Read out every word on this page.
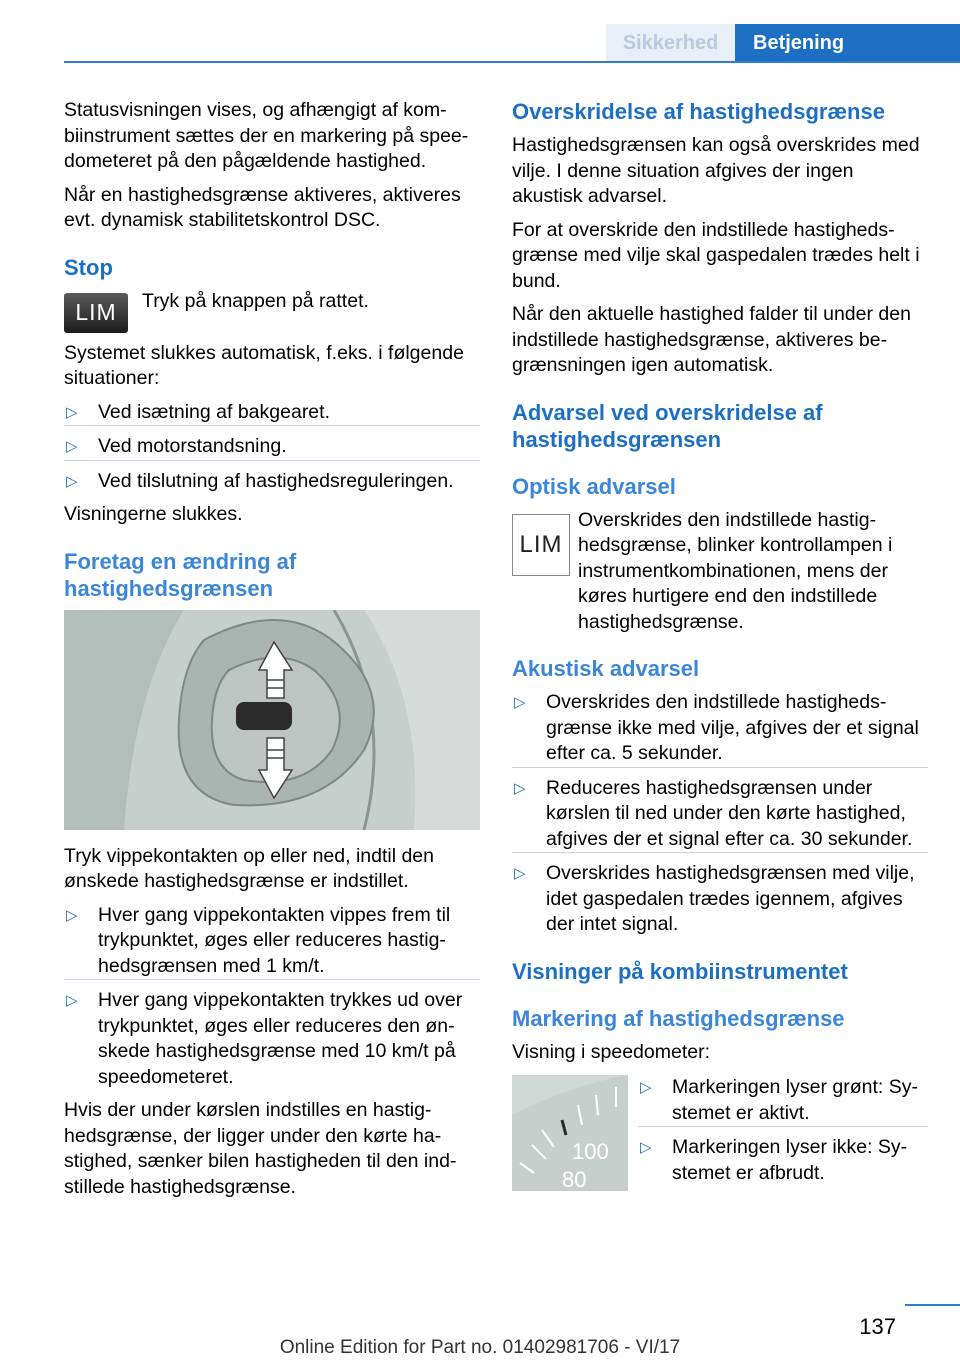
Sikkerhed Betjening

Statusvisningen vises, og afhængigt af kombiinstrument sættes der en markering på speedometeret på den pågældende hastighed.

Når en hastighedsgrænse aktiveres, aktiveres evt. dynamisk stabilitetskontrol DSC.

Stop
LIM	Tryk på knappen på rattet.

Systemet slukkes automatisk, f.eks. i følgende situationer:

▷ Ved isætning af bakgearet.
▷ Ved motorstandsning.
▷ Ved tilslutning af hastighedsreguleringen.

Visningerne slukkes.

Foretag en ændring af hastighedsgrænsen

Tryk vippekontakten op eller ned, indtil den ønskede hastighedsgrænse er indstillet.

▷ Hver gang vippekontakten vippes frem til trykpunktet, øges eller reduceres hastighedsgrænsen med 1 km/t.
▷ Hver gang vippekontakten trykkes ud over trykpunktet, øges eller reduceres den ønskede hastighedsgrænse med 10 km/t på speedometeret.

Hvis der under kørslen indstilles en hastighedsgrænse, der ligger under den kørte hastighed, sænker bilen hastigheden til den indstillede hastighedsgrænse.

Overskridelse af hastighedsgrænse

Hastighedsgrænsen kan også overskrides med vilje. I denne situation afgives der ingen akustisk advarsel.

For at overskride den indstillede hastighedsgrænse med vilje skal gaspedalen trædes helt i bund.

Når den aktuelle hastighed falder til under den indstillede hastighedsgrænse, aktiveres begrænsningen igen automatisk.

Advarsel ved overskridelse af hastighedsgrænsen
Optisk advarsel
LIM

Overskrides den indstillede hastighedsgrænse, blinker kontrollampen i instrumentkombinationen, mens der køres hurtigere end den indstillede hastighedsgrænse.

Akustisk advarsel
▷ Overskrides den indstillede hastighedsgrænse ikke med vilje, afgives der et signal efter ca. 5 sekunder.
▷ Reduceres hastighedsgrænsen under kørslen til ned under den kørte hastighed, afgives der et signal efter ca. 30 sekunder.
▷ Overskrides hastighedsgrænsen med vilje, idet gaspedalen trædes igennem, afgives der intet signal.
Visninger på kombiinstrumentet
Markering af hastighedsgrænse

Visning i speedometer:

100
80
▷ Markeringen lyser grønt: Systemet er aktivt.
▷ Markeringen lyser ikke: Systemet er afbrudt.
137
Online Edition for Part no. 01402981706 - VI/17
